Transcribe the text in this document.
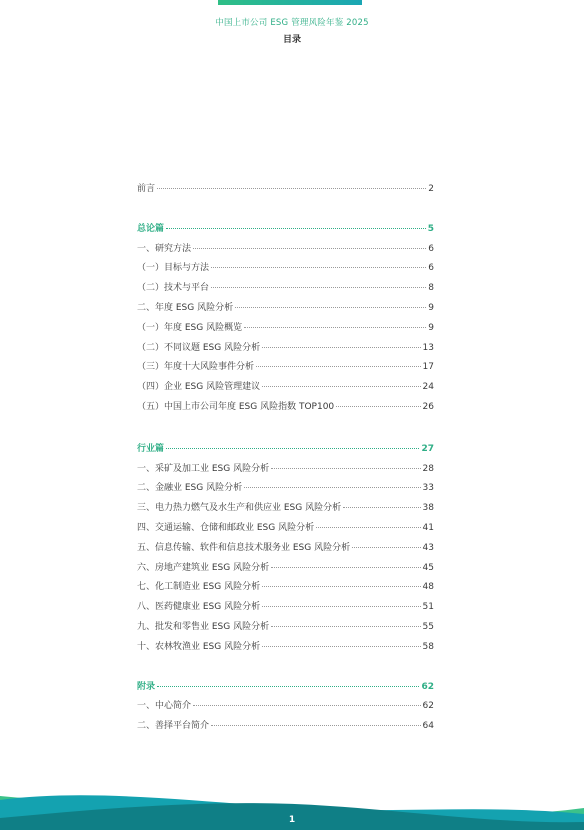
中国上市公司 ESG 管理风险年鉴 2025
目录
前言	2
总论篇	5
一、研究方法	6
（一）目标与方法	6
（二）技术与平台	8
二、年度 ESG 风险分析	9
（一）年度 ESG 风险概览	9
（二）不同议题 ESG 风险分析	13
（三）年度十大风险事件分析	17
（四）企业 ESG 风险管理建议	24
（五）中国上市公司年度 ESG 风险指数 TOP100	26
行业篇	27
一、采矿及加工业 ESG 风险分析	28
二、金融业 ESG 风险分析	33
三、电力热力燃气及水生产和供应业 ESG 风险分析	38
四、交通运输、仓储和邮政业 ESG 风险分析	41
五、信息传输、软件和信息技术服务业 ESG 风险分析	43
六、房地产建筑业 ESG 风险分析	45
七、化工制造业 ESG 风险分析	48
八、医药健康业 ESG 风险分析	51
九、批发和零售业 ESG 风险分析	55
十、农林牧渔业 ESG 风险分析	58
附录	62
一、中心简介	62
二、善择平台简介	64
1
